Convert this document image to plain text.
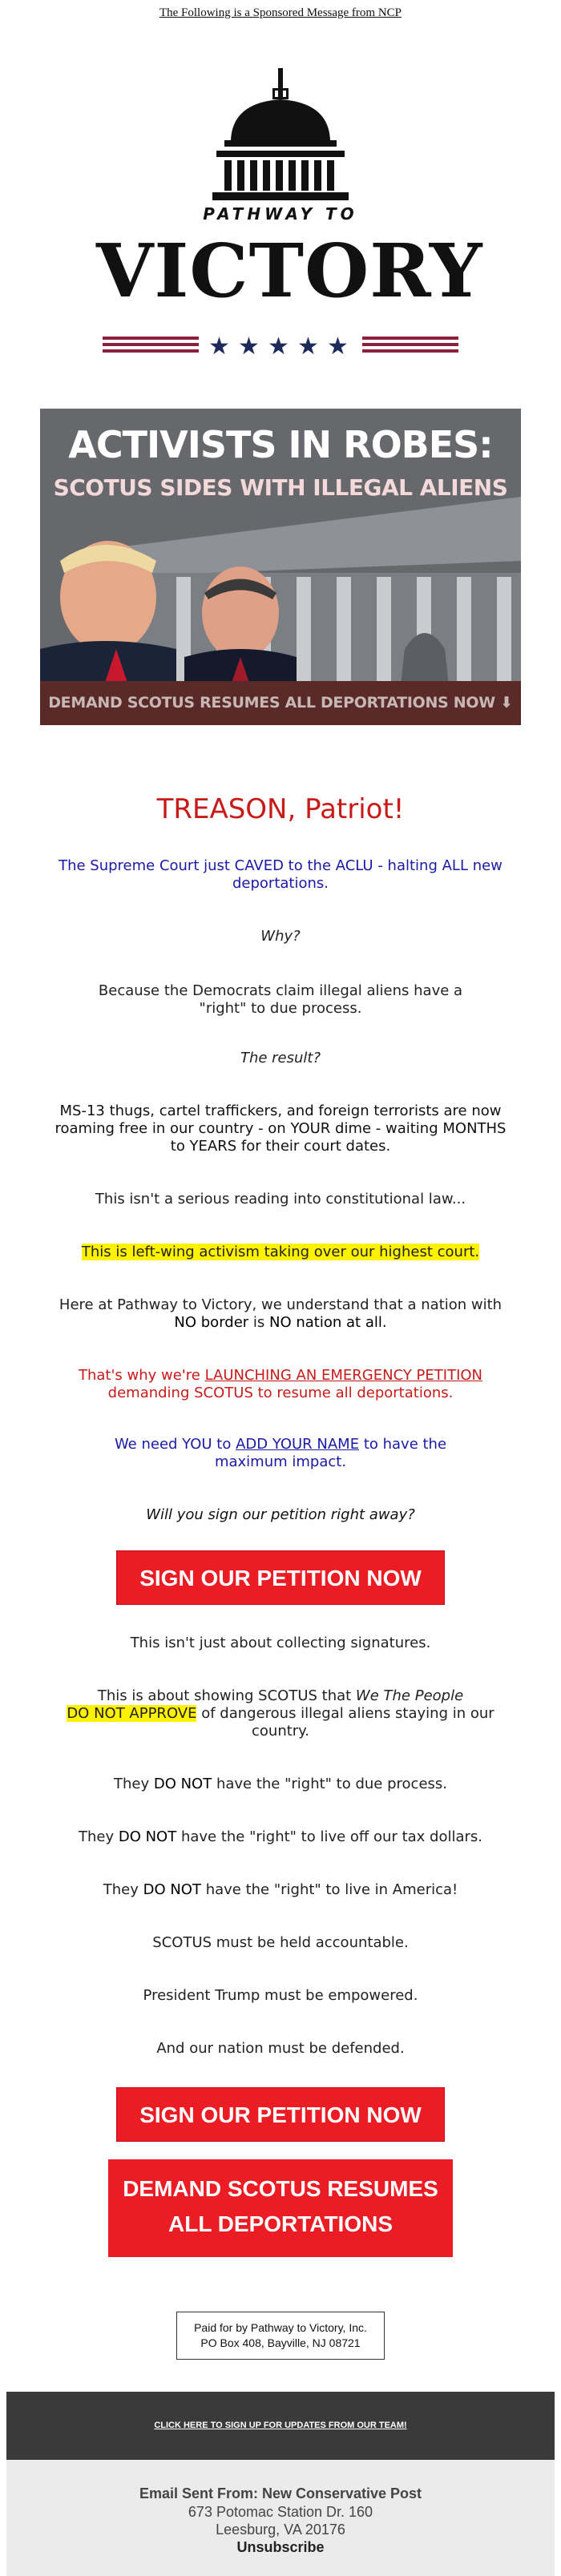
The Following is a Sponsored Message from NCP
★ ★ ★ ★ ★
PATHWAY TO
VICTORY
ACTIVISTS IN ROBES:
SCOTUS SIDES WITH ILLEGAL ALIENS
DEMAND SCOTUS RESUMES ALL DEPORTATIONS NOW ⬇
TREASON, Patriot!
The Supreme Court just CAVED to the ACLU - halting ALL new deportations.
Why?
Because the Democrats claim illegal aliens have a "right" to due process.
The result?
MS-13 thugs, cartel traffickers, and foreign terrorists are now roaming free in our country - on YOUR dime - waiting MONTHS to YEARS for their court dates.
This isn't a serious reading into constitutional law...
This is left-wing activism taking over our highest court.
Here at Pathway to Victory, we understand that a nation with
NO border is NO nation at all.
That's why we're LAUNCHING AN EMERGENCY PETITION
demanding SCOTUS to resume all deportations.
We need YOU to ADD YOUR NAME to have the
maximum impact.
Will you sign our petition right away?
SIGN OUR PETITION NOW
This isn't just about collecting signatures.
This is about showing SCOTUS that We The People
DO NOT APPROVE of dangerous illegal aliens staying in our
country.
They DO NOT have the "right" to due process.
They DO NOT have the "right" to live off our tax dollars.
They DO NOT have the "right" to live in America!
SCOTUS must be held accountable.
President Trump must be empowered.
And our nation must be defended.
SIGN OUR PETITION NOW
DEMAND SCOTUS RESUMES
ALL DEPORTATIONS
Paid for by Pathway to Victory, Inc.
PO Box 408, Bayville, NJ 08721
CLICK HERE TO SIGN UP FOR UPDATES FROM OUR TEAM!
Email Sent From: New Conservative Post
673 Potomac Station Dr. 160
Leesburg, VA 20176
Unsubscribe
